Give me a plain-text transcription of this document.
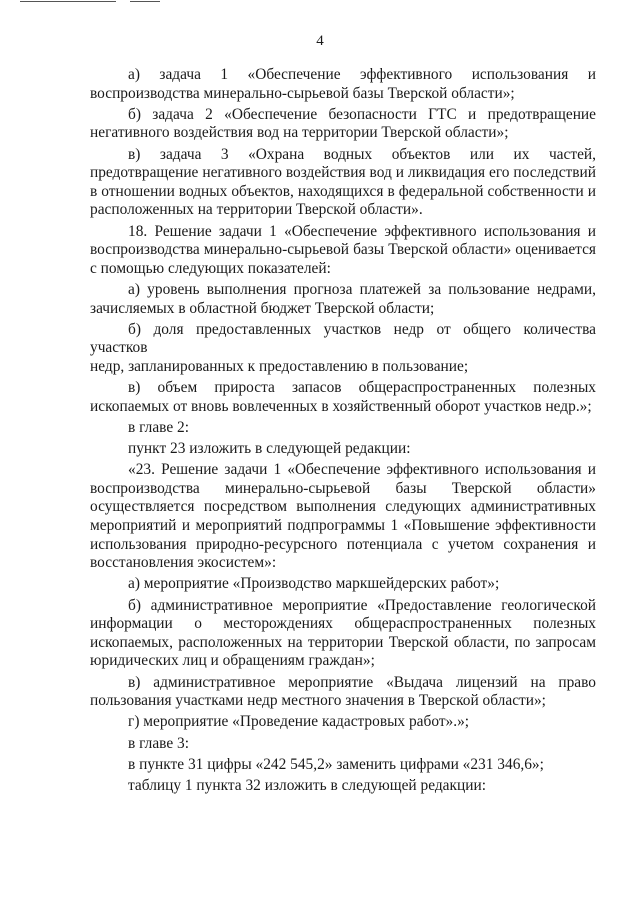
4

а) задача 1 «Обеспечение эффективного использования и
воспроизводства минерально-сырьевой базы Тверской области»;

б) задача 2 «Обеспечение безопасности ГТС и предотвращение
негативного воздействия вод на территории Тверской области»;

в) задача 3 «Охрана водных объектов или их частей,
предотвращение негативного воздействия вод и ликвидация его последствий
в отношении водных объектов, находящихся в федеральной собственности и
расположенных на территории Тверской области».

18. Решение задачи 1 «Обеспечение эффективного использования и
воспроизводства минерально-сырьевой базы Тверской области» оценивается
с помощью следующих показателей:

а) уровень выполнения прогноза платежей за пользование недрами,
зачисляемых в областной бюджет Тверской области;

б) доля предоставленных участков недр от общего количества участков
недр, запланированных к предоставлению в пользование;

в) объем прироста запасов общераспространенных полезных
ископаемых от вновь вовлеченных в хозяйственный оборот участков недр.»;

в главе 2:

пункт 23 изложить в следующей редакции:

«23. Решение задачи 1 «Обеспечение эффективного использования и
воспроизводства минерально-сырьевой базы Тверской области»
осуществляется посредством выполнения следующих административных
мероприятий и мероприятий подпрограммы 1 «Повышение эффективности
использования природно-ресурсного потенциала с учетом сохранения и
восстановления экосистем»:

а) мероприятие «Производство маркшейдерских работ»;

б) административное мероприятие «Предоставление геологической
информации о месторождениях общераспространенных полезных
ископаемых, расположенных на территории Тверской области, по запросам
юридических лиц и обращениям граждан»;

в) административное мероприятие «Выдача лицензий на право
пользования участками недр местного значения в Тверской области»;

г) мероприятие «Проведение кадастровых работ».»;

в главе 3:

в пункте 31 цифры «242 545,2» заменить цифрами «231 346,6»;

таблицу 1 пункта 32 изложить в следующей редакции:
